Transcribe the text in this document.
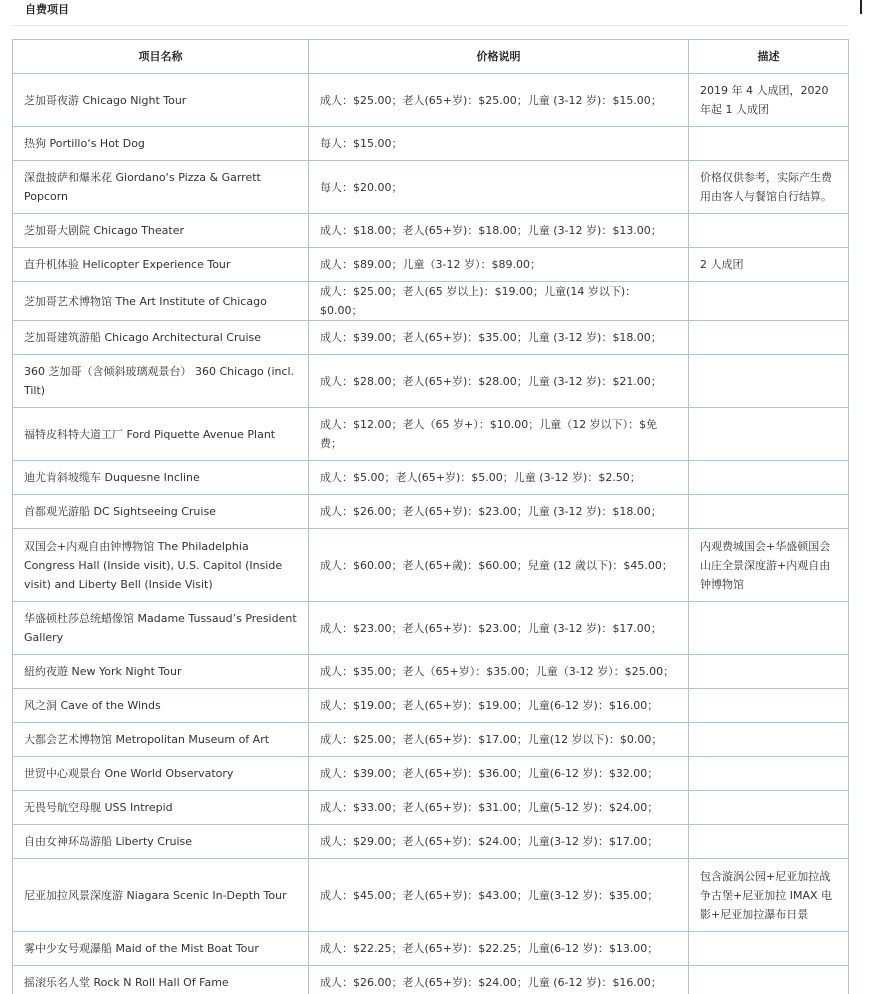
自费项目
项目名称	价格说明	描述
芝加哥夜游 Chicago Night Tour	成人：$25.00；老人(65+岁)：$25.00；儿童 (3-12 岁)：$15.00；	2019 年 4 人成团，2020 年起 1 人成团
热狗 Portillo‘s Hot Dog	每人：$15.00；	
深盘披萨和爆米花 Giordano‘s Pizza & Garrett Popcorn	每人：$20.00；	价格仅供参考，实际产生费用由客人与餐馆自行结算。
芝加哥大剧院 Chicago Theater	成人：$18.00；老人(65+岁)：$18.00；儿童 (3-12 岁)：$13.00；	
直升机体验 Helicopter Experience Tour	成人：$89.00；儿童（3-12 岁）：$89.00；	2 人成团
芝加哥艺术博物馆 The Art Institute of Chicago	成人：$25.00；老人(65 岁以上)：$19.00；儿童(14 岁以下)：$0.00；	
芝加哥建筑游船 Chicago Architectural Cruise	成人：$39.00；老人(65+岁)：$35.00；儿童 (3-12 岁)：$18.00；	
360 芝加哥（含倾斜玻璃观景台） 360 Chicago (incl. Tilt)	成人：$28.00；老人(65+岁)：$28.00；儿童 (3-12 岁)：$21.00；	
福特皮科特大道工厂 Ford Piquette Avenue Plant	成人：$12.00；老人（65 岁+）：$10.00；儿童（12 岁以下）：$免费；	
迪尤肯斜坡缆车 Duquesne Incline	成人：$5.00；老人(65+岁)：$5.00；儿童 (3-12 岁)：$2.50；	
首都观光游船 DC Sightseeing Cruise	成人：$26.00；老人(65+岁)：$23.00；儿童 (3-12 岁)：$18.00；	
双国会+内观自由钟博物馆 The Philadelphia Congress Hall (Inside visit), U.S. Capitol (Inside visit) and Liberty Bell (Inside Visit)	成人：$60.00；老人(65+歲)：$60.00；兒童 (12 歲以下)：$45.00；	内观费城国会+华盛顿国会山庄全景深度游+内观自由钟博物馆
华盛顿杜莎总统蜡像馆 Madame Tussaud’s President Gallery	成人：$23.00；老人(65+岁)：$23.00；儿童 (3-12 岁)：$17.00；	
紐約夜遊 New York Night Tour	成人：$35.00；老人（65+岁）：$35.00；儿童（3-12 岁）：$25.00；	
风之洞 Cave of the Winds	成人：$19.00；老人(65+岁)：$19.00；儿童(6-12 岁)：$16.00；	
大都会艺术博物馆 Metropolitan Museum of Art	成人：$25.00；老人(65+岁)：$17.00；儿童(12 岁以下)：$0.00；	
世贸中心观景台 One World Observatory	成人：$39.00；老人(65+岁)：$36.00；儿童(6-12 岁)：$32.00；	
无畏号航空母舰 USS Intrepid	成人：$33.00；老人(65+岁)：$31.00；儿童(5-12 岁)：$24.00；	
自由女神环岛游船 Liberty Cruise	成人：$29.00；老人(65+岁)：$24.00；儿童(3-12 岁)：$17.00；	
尼亚加拉风景深度游 Niagara Scenic In-Depth Tour	成人：$45.00；老人(65+岁)：$43.00；儿童(3-12 岁)：$35.00；	包含漩涡公园+尼亚加拉战争古堡+尼亚加拉 IMAX 电影+尼亚加拉瀑布日景
雾中少女号观瀑船 Maid of the Mist Boat Tour	成人：$22.25；老人(65+岁)：$22.25；儿童(6-12 岁)：$13.00；	
摇滚乐名人堂 Rock N Roll Hall Of Fame	成人：$26.00；老人(65+岁)：$24.00；儿童 (6-12 岁)：$16.00；	
